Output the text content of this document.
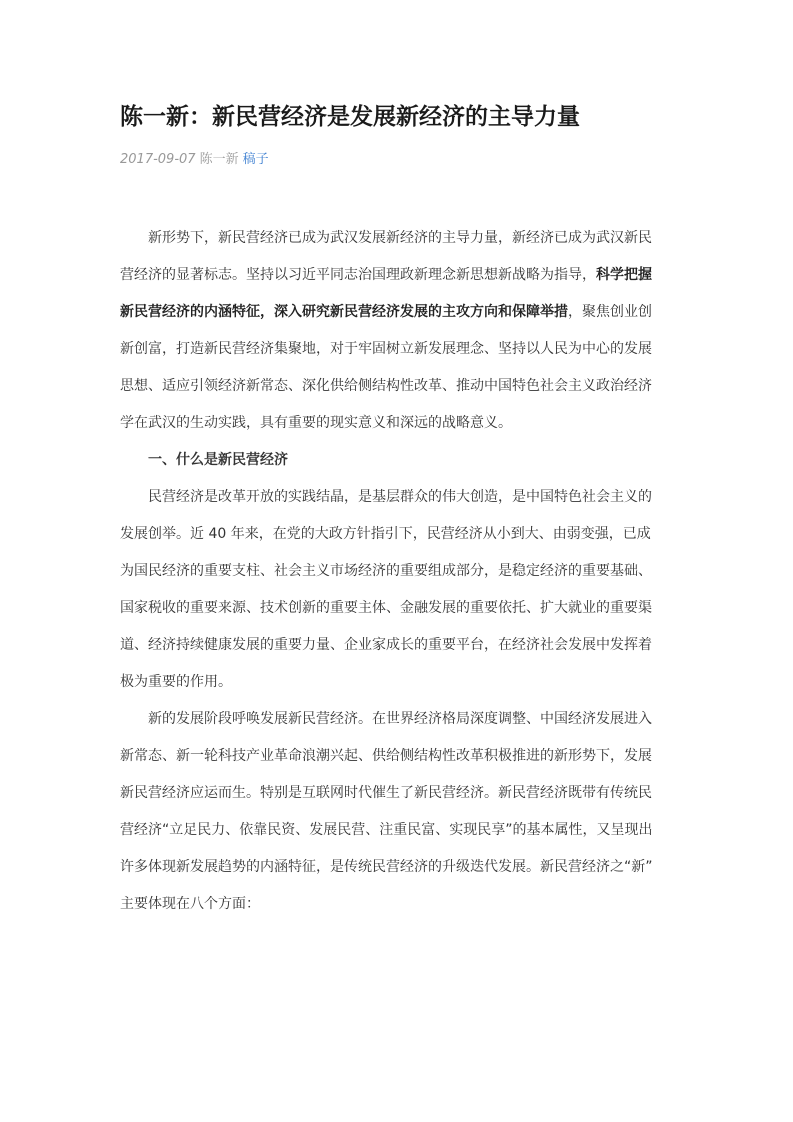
陈一新：新民营经济是发展新经济的主导力量
2017-09-07 陈一新 稿子

新形势下，新民营经济已成为武汉发展新经济的主导力量，新经济已成为武汉新民
营经济的显著标志。坚持以习近平同志治国理政新理念新思想新战略为指导，科学把握
新民营经济的内涵特征，深入研究新民营经济发展的主攻方向和保障举措，聚焦创业创
新创富，打造新民营经济集聚地，对于牢固树立新发展理念、坚持以人民为中心的发展
思想、适应引领经济新常态、深化供给侧结构性改革、推动中国特色社会主义政治经济
学在武汉的生动实践，具有重要的现实意义和深远的战略意义。

一、什么是新民营经济

民营经济是改革开放的实践结晶，是基层群众的伟大创造，是中国特色社会主义的
发展创举。近 40 年来，在党的大政方针指引下，民营经济从小到大、由弱变强，已成
为国民经济的重要支柱、社会主义市场经济的重要组成部分，是稳定经济的重要基础、
国家税收的重要来源、技术创新的重要主体、金融发展的重要依托、扩大就业的重要渠
道、经济持续健康发展的重要力量、企业家成长的重要平台，在经济社会发展中发挥着
极为重要的作用。

新的发展阶段呼唤发展新民营经济。在世界经济格局深度调整、中国经济发展进入
新常态、新一轮科技产业革命浪潮兴起、供给侧结构性改革积极推进的新形势下，发展
新民营经济应运而生。特别是互联网时代催生了新民营经济。新民营经济既带有传统民
营经济“立足民力、依靠民资、发展民营、注重民富、实现民享”的基本属性，又呈现出
许多体现新发展趋势的内涵特征，是传统民营经济的升级迭代发展。新民营经济之“新”
主要体现在八个方面：
